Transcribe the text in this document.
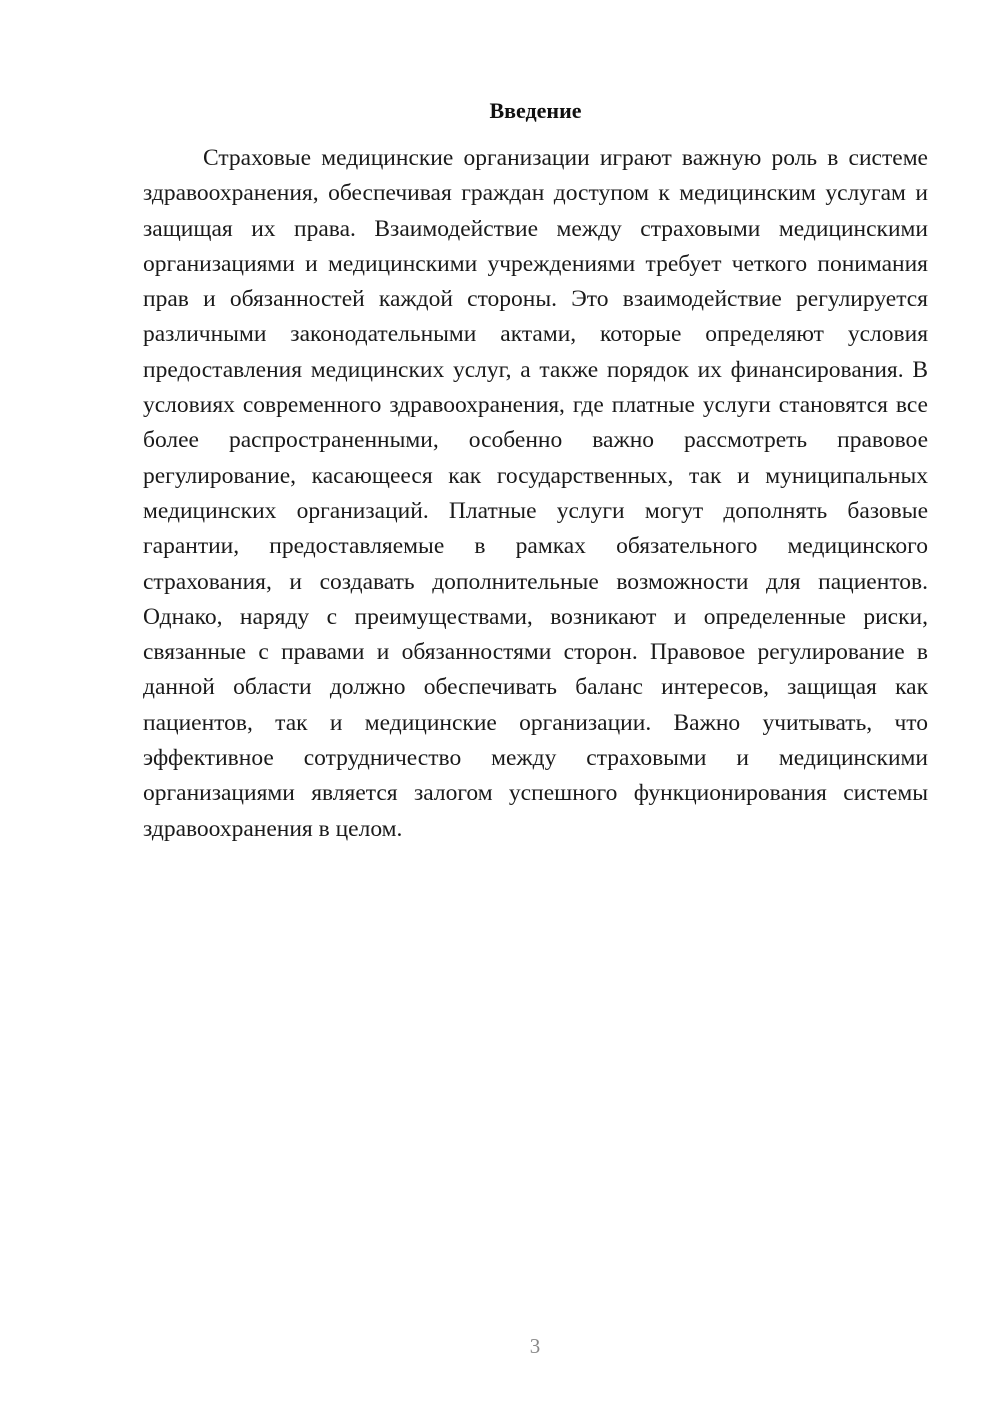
Введение

Страховые медицинские организации играют важную роль в системе здравоохранения, обеспечивая граждан доступом к медицинским услугам и защищая их права. Взаимодействие между страховыми медицинскими организациями и медицинскими учреждениями требует четкого понимания прав и обязанностей каждой стороны. Это взаимодействие регулируется различными законодательными актами, которые определяют условия предоставления медицинских услуг, а также порядок их финансирования. В условиях современного здравоохранения, где платные услуги становятся все более распространенными, особенно важно рассмотреть правовое регулирование, касающееся как государственных, так и муниципальных медицинских организаций. Платные услуги могут дополнять базовые гарантии, предоставляемые в рамках обязательного медицинского страхования, и создавать дополнительные возможности для пациентов. Однако, наряду с преимуществами, возникают и определенные риски, связанные с правами и обязанностями сторон. Правовое регулирование в данной области должно обеспечивать баланс интересов, защищая как пациентов, так и медицинские организации. Важно учитывать, что эффективное сотрудничество между страховыми и медицинскими организациями является залогом успешного функционирования системы здравоохранения в целом.

3
